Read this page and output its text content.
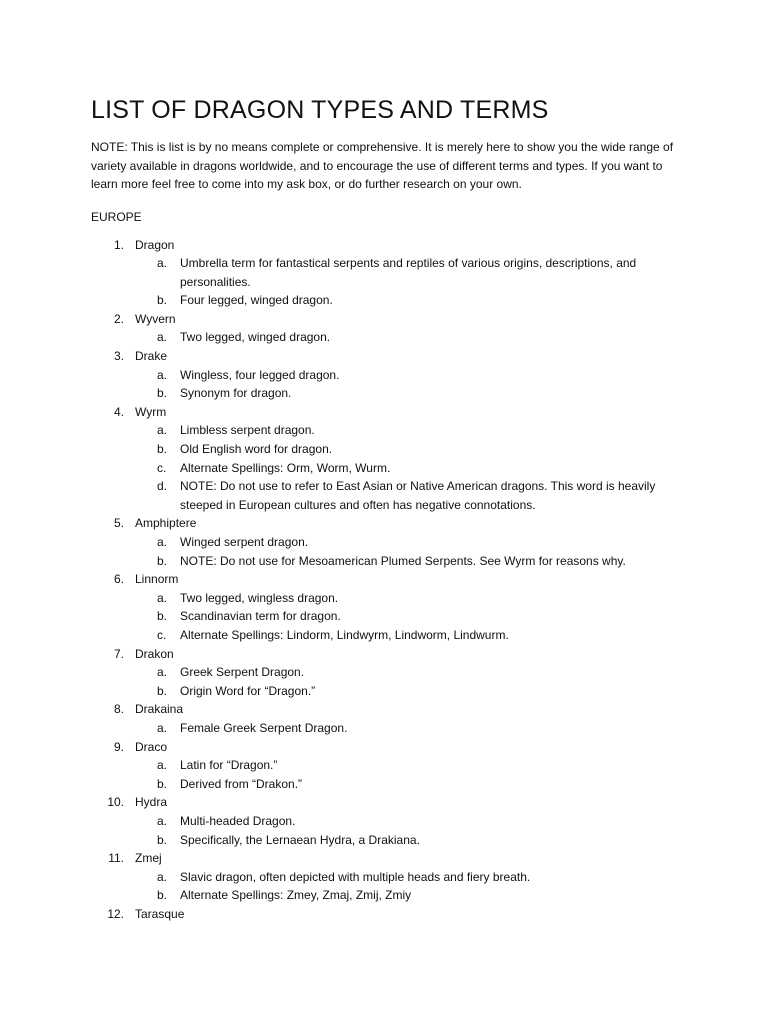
LIST OF DRAGON TYPES AND TERMS

NOTE: This is list is by no means complete or comprehensive. It is merely here to show you the wide range of variety available in dragons worldwide, and to encourage the use of different terms and types. If you want to learn more feel free to come into my ask box, or do further research on your own.

EUROPE
1. Dragon
a. Umbrella term for fantastical serpents and reptiles of various origins, descriptions, and personalities.
b. Four legged, winged dragon.
2. Wyvern
a. Two legged, winged dragon.
3. Drake
a. Wingless, four legged dragon.
b. Synonym for dragon.
4. Wyrm
a. Limbless serpent dragon.
b. Old English word for dragon.
c. Alternate Spellings: Orm, Worm, Wurm.
d. NOTE: Do not use to refer to East Asian or Native American dragons. This word is heavily steeped in European cultures and often has negative connotations.
5. Amphiptere
a. Winged serpent dragon.
b. NOTE: Do not use for Mesoamerican Plumed Serpents. See Wyrm for reasons why.
6. Linnorm
a. Two legged, wingless dragon.
b. Scandinavian term for dragon.
c. Alternate Spellings: Lindorm, Lindwyrm, Lindworm, Lindwurm.
7. Drakon
a. Greek Serpent Dragon.
b. Origin Word for “Dragon.”
8. Drakaina
a. Female Greek Serpent Dragon.
9. Draco
a. Latin for “Dragon.”
b. Derived from “Drakon.”
10. Hydra
a. Multi-headed Dragon.
b. Specifically, the Lernaean Hydra, a Drakiana.
11. Zmej
a. Slavic dragon, often depicted with multiple heads and fiery breath.
b. Alternate Spellings: Zmey, Zmaj, Zmij, Zmiy
12. Tarasque
